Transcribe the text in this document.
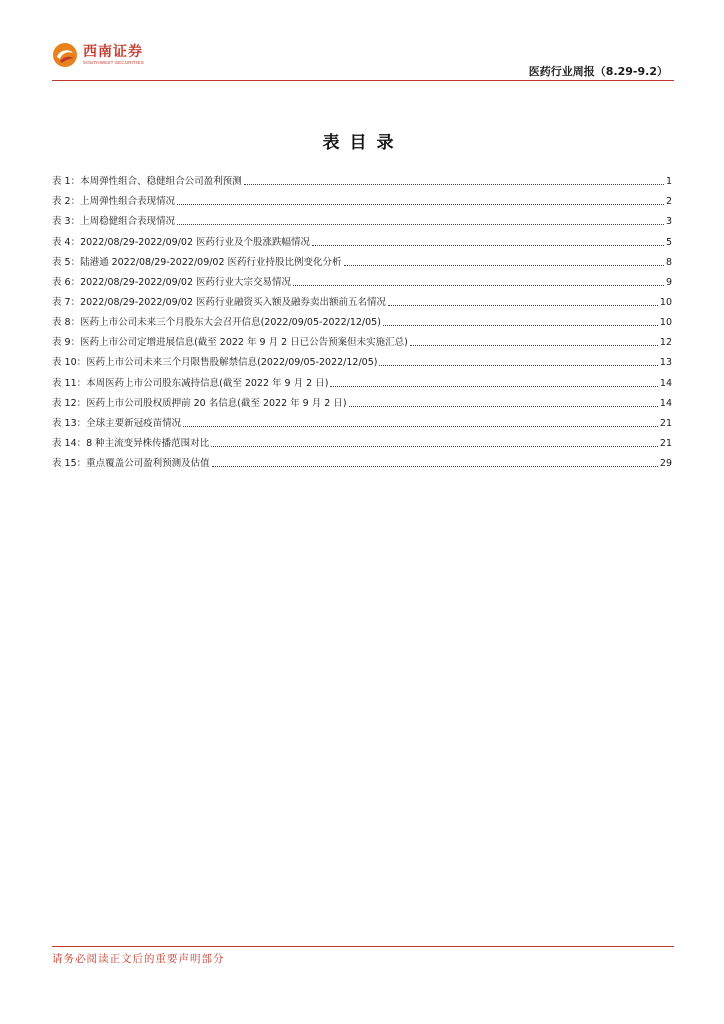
西南证券
SOUTHWEST SECURITIES
医药行业周报（8.29-9.2）
表目录
表 1：本周弹性组合、稳健组合公司盈利预测	1
表 2：上周弹性组合表现情况	2
表 3：上周稳健组合表现情况	3
表 4：2022/08/29-2022/09/02 医药行业及个股涨跌幅情况	5
表 5：陆港通 2022/08/29-2022/09/02 医药行业持股比例变化分析	8
表 6：2022/08/29-2022/09/02 医药行业大宗交易情况	9
表 7：2022/08/29-2022/09/02 医药行业融资买入额及融券卖出额前五名情况	10
表 8：医药上市公司未来三个月股东大会召开信息(2022/09/05-2022/12/05)	10
表 9：医药上市公司定增进展信息(截至 2022 年 9 月 2 日已公告预案但未实施汇总)	12
表 10：医药上市公司未来三个月限售股解禁信息(2022/09/05-2022/12/05)	13
表 11：本周医药上市公司股东减持信息(截至 2022 年 9 月 2 日)	14
表 12：医药上市公司股权质押前 20 名信息(截至 2022 年 9 月 2 日)	14
表 13：全球主要新冠疫苗情况	21
表 14：8 种主流变异株传播范围对比	21
表 15：重点覆盖公司盈利预测及估值	29
请务必阅读正文后的重要声明部分
